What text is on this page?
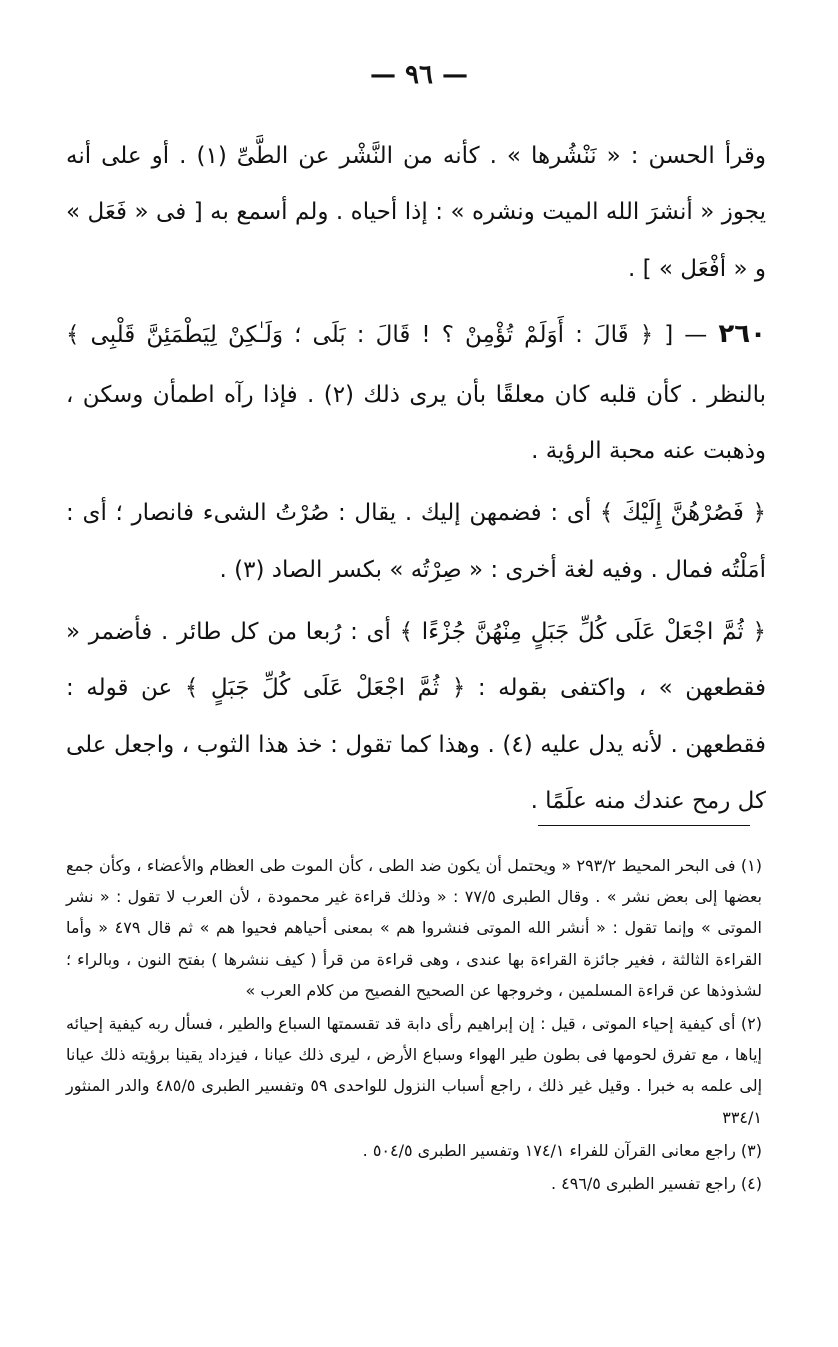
— ٩٦ —

وقرأ الحسن : « نَنْشُرها » . كأنه من النَّشْر عن الطَّىِّ (١) . أو على أنه يجوز « أنشرَ الله الميت ونشره » : إذا أحياه . ولم أسمع به [ فى « فَعَل » و « أفْعَل » ] .

٢٦٠ — [ ﴿ قَالَ : أَوَلَمْ تُؤْمِنْ ؟ ! قَالَ : بَلَى ؛ وَلَـٰكِنْ لِيَطْمَئِنَّ قَلْبِى ﴾ بالنظر . كأن قلبه كان معلقًا بأن يرى ذلك (٢) . فإذا رآه اطمأن وسكن ، وذهبت عنه محبة الرؤية .

﴿ فَصُرْهُنَّ إِلَيْكَ ﴾ أى : فضمهن إليك . يقال : صُرْتُ الشىء فانصار ؛ أى : أمَلْتُه فمال . وفيه لغة أخرى : « صِرْتُه » بكسر الصاد (٣) .

﴿ ثُمَّ اجْعَلْ عَلَى كُلِّ جَبَلٍ مِنْهُنَّ جُزْءًا ﴾ أى : رُبعا من كل طائر . فأضمر « فقطعهن » ، واكتفى بقوله : ﴿ ثُمَّ اجْعَلْ عَلَى كُلِّ جَبَلٍ ﴾ عن قوله : فقطعهن . لأنه يدل عليه (٤) . وهذا كما تقول : خذ هذا الثوب ، واجعل على كل رمح عندك منه علَمًا .

(١) فى البحر المحيط ٢٩٣/٢ « ويحتمل أن يكون ضد الطى ، كأن الموت طى العظام والأعضاء ، وكأن جمع بعضها إلى بعض نشر » . وقال الطبرى ٧٧/٥ : « وذلك قراءة غير محمودة ، لأن العرب لا تقول : « نشر الموتى » وإنما تقول : « أنشر الله الموتى فنشروا هم » بمعنى أحياهم فحيوا هم » ثم قال ٤٧٩ « وأما القراءة الثالثة ، فغير جائزة القراءة بها عندى ، وهى قراءة من قرأ ( كيف ننشرها ) بفتح النون ، وبالراء ؛ لشذوذها عن قراءة المسلمين ، وخروجها عن الصحيح الفصيح من كلام العرب »

(٢) أى كيفية إحياء الموتى ، قيل : إن إبراهيم رأى دابة قد تقسمتها السباع والطير ، فسأل ربه كيفية إحيائه إياها ، مع تفرق لحومها فى بطون طير الهواء وسباع الأرض ، ليرى ذلك عيانا ، فيزداد يقينا برؤيته ذلك عيانا إلى علمه به خبرا . وقيل غير ذلك ، راجع أسباب النزول للواحدى ٥٩ وتفسير الطبرى ٤٨٥/٥ والدر المنثور ٣٣٤/١

(٣) راجع معانى القرآن للفراء ١٧٤/١ وتفسير الطبرى ٥٠٤/٥ .

(٤) راجع تفسير الطبرى ٤٩٦/٥ .
